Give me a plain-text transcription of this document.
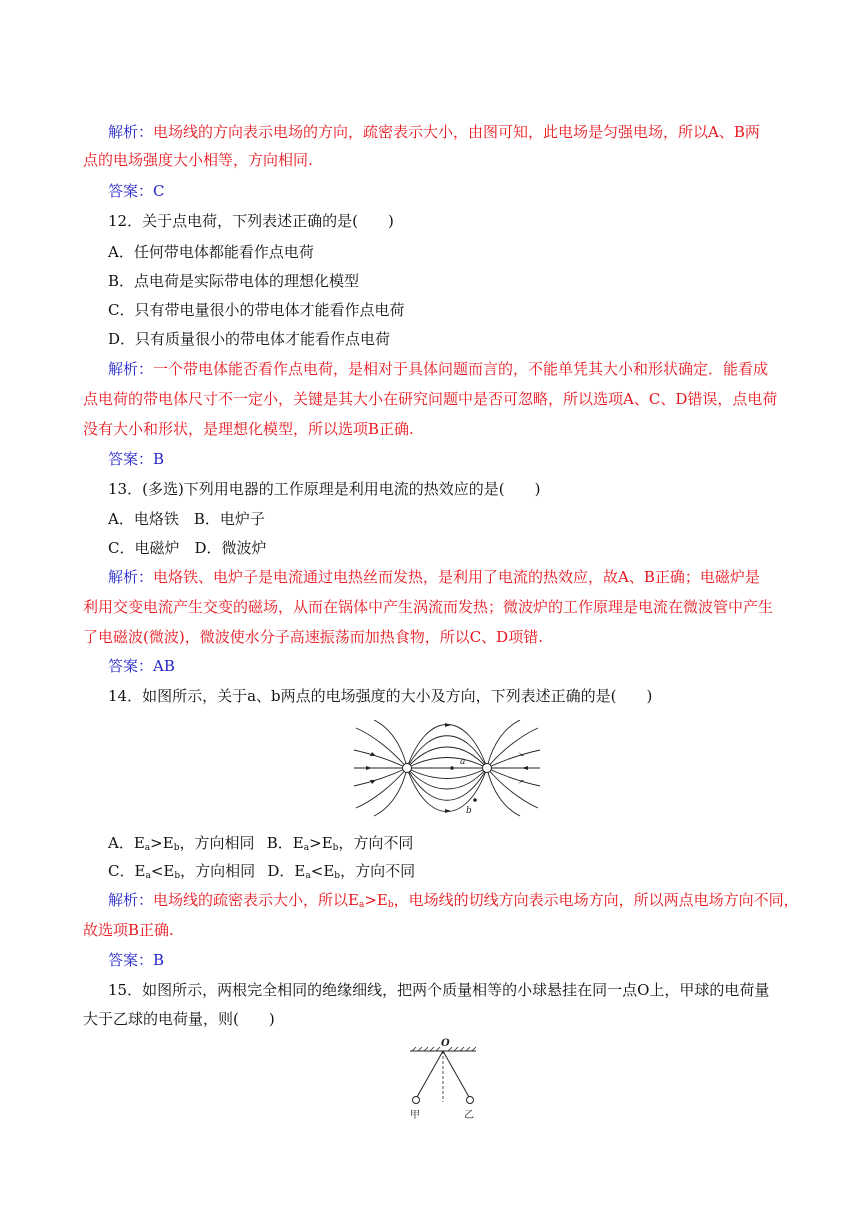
解析：电场线的方向表示电场的方向，疏密表示大小，由图可知，此电场是匀强电场，所以A、B两
点的电场强度大小相等，方向相同.
答案：C
12．关于点电荷，下列表述正确的是(　　)
A．任何带电体都能看作点电荷
B．点电荷是实际带电体的理想化模型
C．只有带电量很小的带电体才能看作点电荷
D．只有质量很小的带电体才能看作点电荷
解析：一个带电体能否看作点电荷，是相对于具体问题而言的，不能单凭其大小和形状确定．能看成
点电荷的带电体尺寸不一定小，关键是其大小在研究问题中是否可忽略，所以选项A、C、D错误，点电荷
没有大小和形状，是理想化模型，所以选项B正确.
答案：B
13．(多选)下列用电器的工作原理是利用电流的热效应的是(　　)
A．电烙铁　B．电炉子
C．电磁炉　D．微波炉
解析：电烙铁、电炉子是电流通过电热丝而发热，是利用了电流的热效应，故A、B正确；电磁炉是
利用交变电流产生交变的磁场，从而在锅体中产生涡流而发热；微波炉的工作原理是电流在微波管中产生
了电磁波(微波)，微波使水分子高速振荡而加热食物，所以C、D项错.
答案：AB
14．如图所示，关于a、b两点的电场强度的大小及方向，下列表述正确的是(　　)
a
b
A．$E_a>E_b$，方向相同   B．$E_a>E_b$，方向不同
C．$E_a<E_b$，方向相同   D．$E_a<E_b$，方向不同
解析：电场线的疏密表示大小，所以$E_a>E_b$，电场线的切线方向表示电场方向，所以两点电场方向不同，
故选项B正确.
答案：B
15．如图所示，两根完全相同的绝缘细线，把两个质量相等的小球悬挂在同一点O上，甲球的电荷量
大于乙球的电荷量，则(　　)
O
甲	乙
